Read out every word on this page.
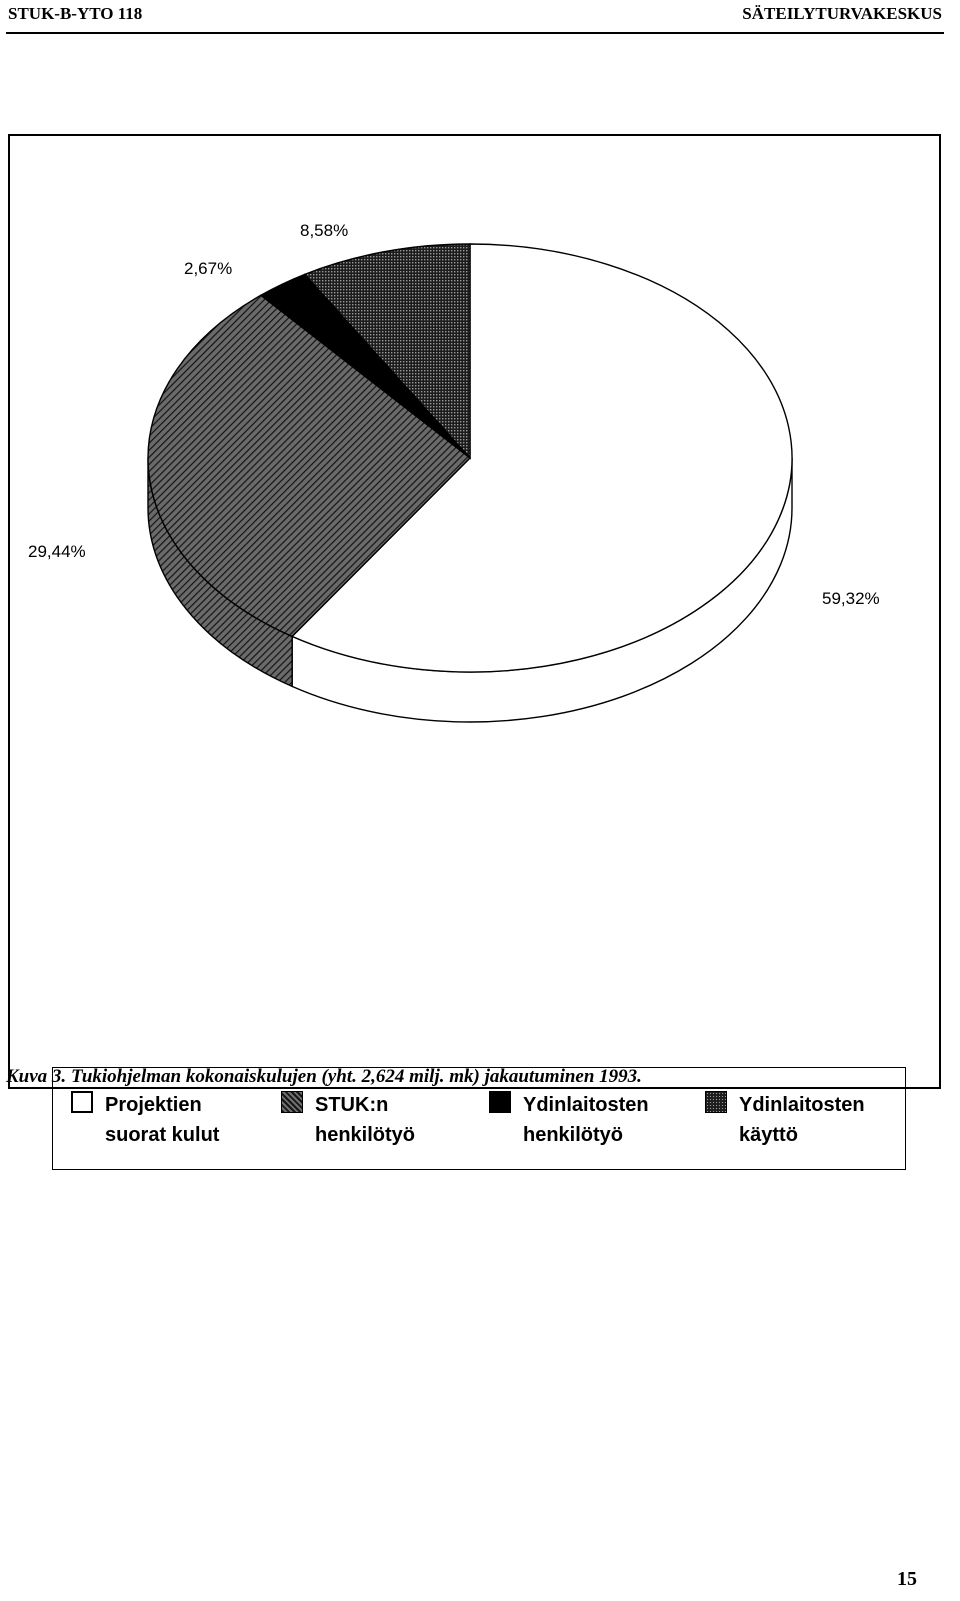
STUK-B-YTO 118	SÄTEILYTURVAKESKUS
59,32%
29,44%
2,67%
8,58%
Projektien
suorat kulut
STUK:n
henkilötyö
Ydinlaitosten
henkilötyö
Ydinlaitosten
käyttö
Kuva 3. Tukiohjelman kokonaiskulujen (yht. 2,624 milj. mk) jakautuminen 1993.
15
